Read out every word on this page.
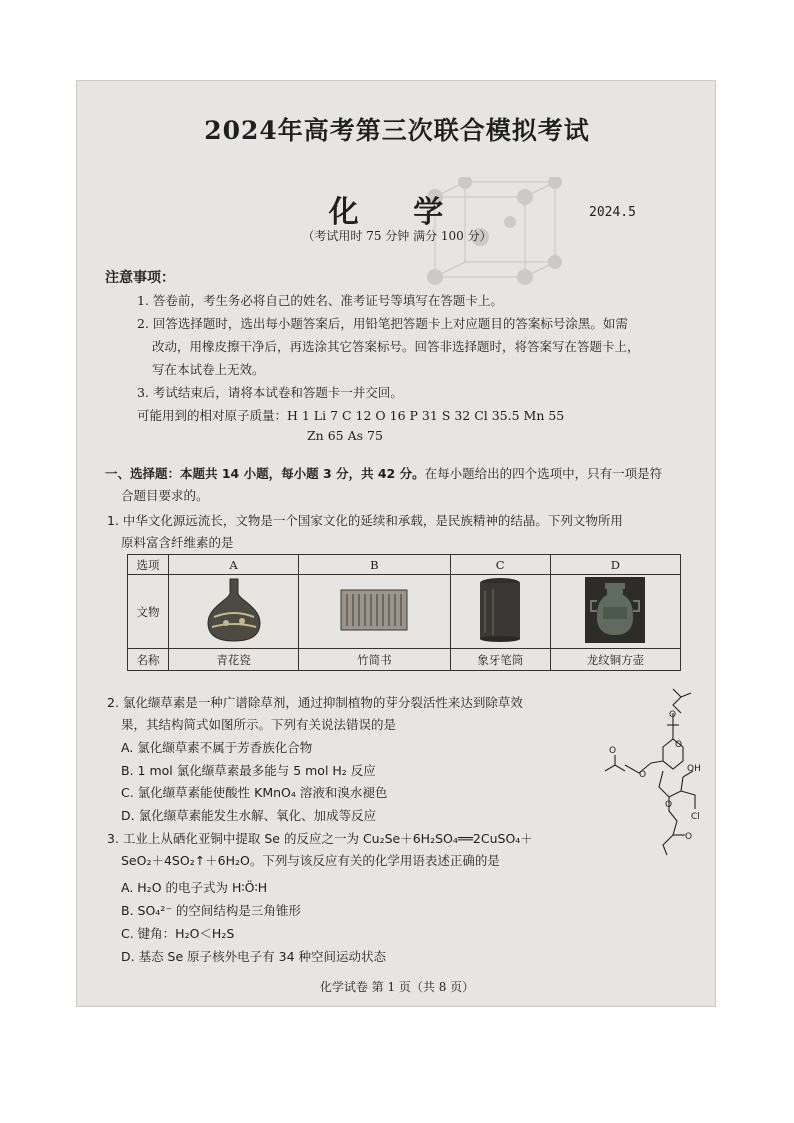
2024年高考第三次联合模拟考试
化 学	2024.5
（考试用时 75 分钟 满分 100 分）
注意事项：
1. 答卷前，考生务必将自己的姓名、准考证号等填写在答题卡上。
2. 回答选择题时，选出每小题答案后，用铅笔把答题卡上对应题目的答案标号涂黑。如需
改动，用橡皮擦干净后，再选涂其它答案标号。回答非选择题时，将答案写在答题卡上，
写在本试卷上无效。
3. 考试结束后，请将本试卷和答题卡一并交回。
可能用到的相对原子质量：H 1 Li 7 C 12 O 16 P 31 S 32 Cl 35.5 Mn 55
Zn 65 As 75
一、选择题：本题共 14 小题，每小题 3 分，共 42 分。在每小题给出的四个选项中，只有一项是符
合题目要求的。
1. 中华文化源远流长，文物是一个国家文化的延续和承载，是民族精神的结晶。下列文物所用
原料富含纤维素的是
选项	A	B	C	D
文物				
名称	青花瓷	竹简书	象牙笔筒	龙纹铜方壶
2. 氯化缬草素是一种广谱除草剂，通过抑制植物的芽分裂活性来达到除草效
果，其结构简式如图所示。下列有关说法错误的是
A. 氯化缬草素不属于芳香族化合物
B. 1 mol 氯化缬草素最多能与 5 mol H₂ 反应
C. 氯化缬草素能使酸性 KMnO₄ 溶液和溴水褪色
D. 氯化缬草素能发生水解、氧化、加成等反应
O
O
O
O
OH
Cl
O
O
3. 工业上从硒化亚铜中提取 Se 的反应之一为 Cu₂Se＋6H₂SO₄══2CuSO₄＋
SeO₂＋4SO₂↑＋6H₂O。下列与该反应有关的化学用语表述正确的是
A. H₂O 的电子式为 H∶Ö∶H
B. SO₄²⁻ 的空间结构是三角锥形
C. 键角：H₂O＜H₂S
D. 基态 Se 原子核外电子有 34 种空间运动状态
化学试卷 第 1 页（共 8 页）
